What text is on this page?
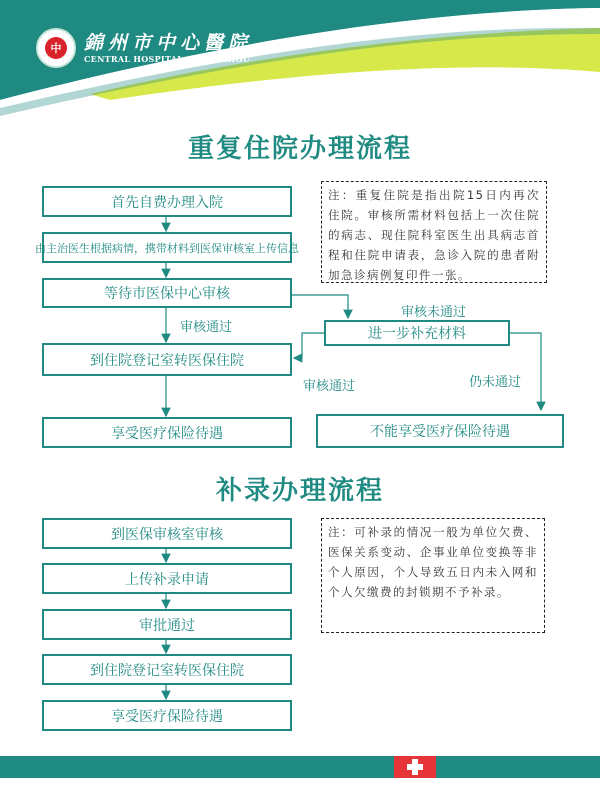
中 錦州市中心醫院
CENTRAL HOSPITAL OF JIN ZHOU
重复住院办理流程
首先自费办理入院
由主治医生根据病情，携带材料到医保审核室上传信息
等待市医保中心审核
到住院登记室转医保住院
享受医疗保险待遇
进一步补充材料
不能享受医疗保险待遇
审核通过
审核未通过
审核通过	仍未通过
注：重复住院是指出院15日内再次住院。审核所需材料包括上一次住院的病志、现住院科室医生出具病志首程和住院申请表，急诊入院的患者附加急诊病例复印件一张。
补录办理流程
到医保审核室审核
上传补录申请
审批通过
到住院登记室转医保住院
享受医疗保险待遇
注：可补录的情况一般为单位欠费、医保关系变动、企事业单位变换等非个人原因，个人导致五日内未入网和个人欠缴费的封锁期不予补录。
